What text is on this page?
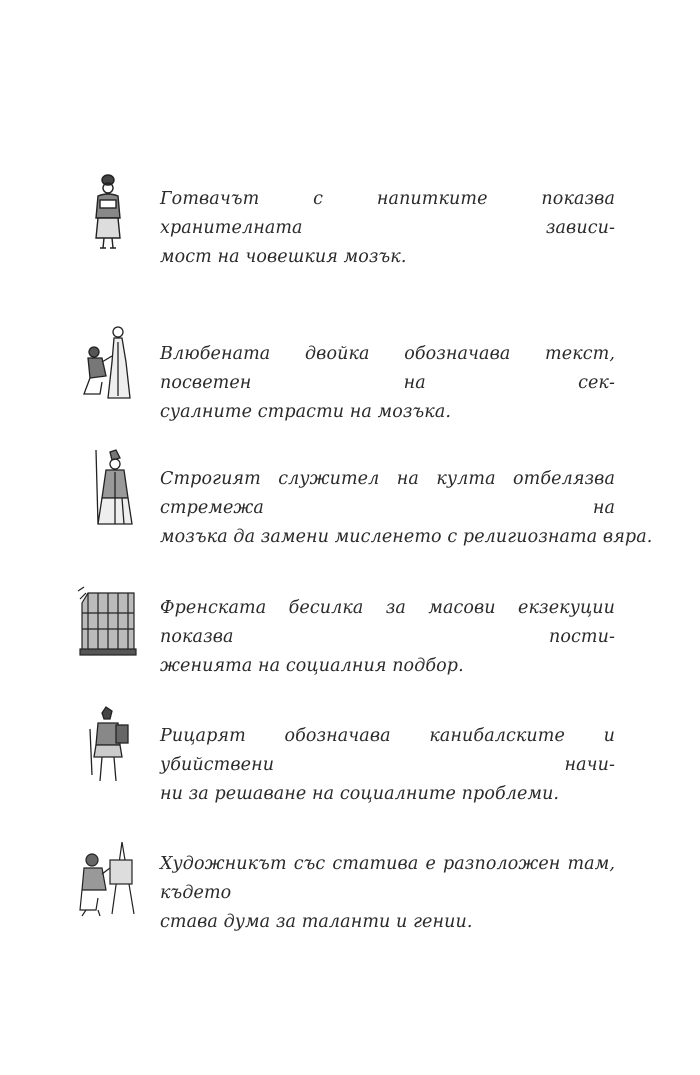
Готвачът с напитките показва хранителната зависи-
мост на човешкия мозък.
Влюбената двойка обозначава текст, посветен на сек-
суалните страсти на мозъка.
Строгият служител на култа отбелязва стремежа на
мозъка да замени мисленето с религиозната вяра.
Френската бесилка за масови екзекуции показва пости-
женията на социалния подбор.
Рицарят обозначава канибалските и убийствени начи-
ни за решаване на социалните проблеми.
Художникът със статива е разположен там, където
става дума за таланти и гении.
